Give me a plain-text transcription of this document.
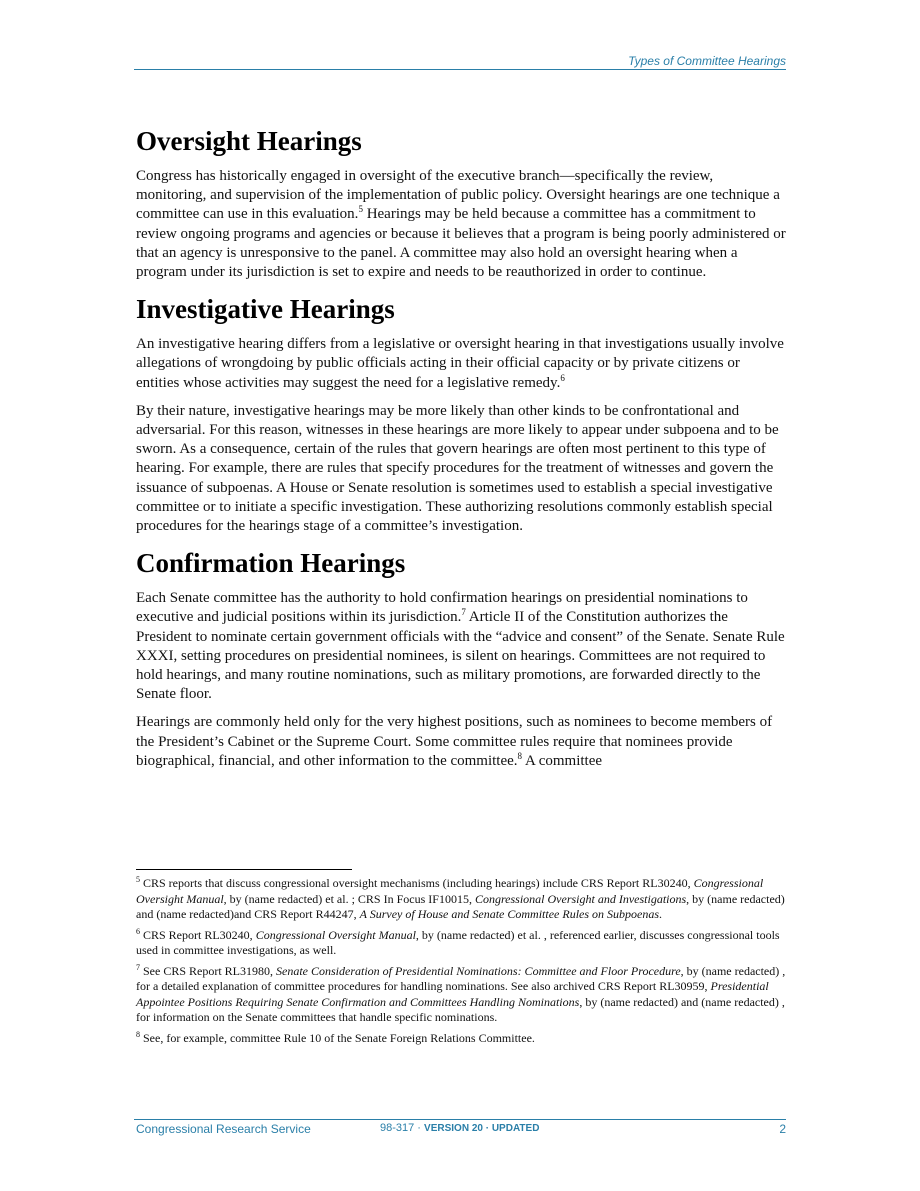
Types of Committee Hearings
Oversight Hearings

Congress has historically engaged in oversight of the executive branch—specifically the review, monitoring, and supervision of the implementation of public policy. Oversight hearings are one technique a committee can use in this evaluation.$^5$ Hearings may be held because a committee has a commitment to review ongoing programs and agencies or because it believes that a program is being poorly administered or that an agency is unresponsive to the panel. A committee may also hold an oversight hearing when a program under its jurisdiction is set to expire and needs to be reauthorized in order to continue.

Investigative Hearings

An investigative hearing differs from a legislative or oversight hearing in that investigations usually involve allegations of wrongdoing by public officials acting in their official capacity or by private citizens or entities whose activities may suggest the need for a legislative remedy.$^6$

By their nature, investigative hearings may be more likely than other kinds to be confrontational and adversarial. For this reason, witnesses in these hearings are more likely to appear under subpoena and to be sworn. As a consequence, certain of the rules that govern hearings are often most pertinent to this type of hearing. For example, there are rules that specify procedures for the treatment of witnesses and govern the issuance of subpoenas. A House or Senate resolution is sometimes used to establish a special investigative committee or to initiate a specific investigation. These authorizing resolutions commonly establish special procedures for the hearings stage of a committee’s investigation.

Confirmation Hearings

Each Senate committee has the authority to hold confirmation hearings on presidential nominations to executive and judicial positions within its jurisdiction.$^7$ Article II of the Constitution authorizes the President to nominate certain government officials with the “advice and consent” of the Senate. Senate Rule XXXI, setting procedures on presidential nominees, is silent on hearings. Committees are not required to hold hearings, and many routine nominations, such as military promotions, are forwarded directly to the Senate floor.

Hearings are commonly held only for the very highest positions, such as nominees to become members of the President’s Cabinet or the Supreme Court. Some committee rules require that nominees provide biographical, financial, and other information to the committee.$^8$ A committee

$^5$ CRS reports that discuss congressional oversight mechanisms (including hearings) include CRS Report RL30240, Congressional Oversight Manual, by (name redacted) et al. ; CRS In Focus IF10015, Congressional Oversight and Investigations, by (name redacted) and (name redacted)and CRS Report R44247, A Survey of House and Senate Committee Rules on Subpoenas.

$^6$ CRS Report RL30240, Congressional Oversight Manual, by (name redacted) et al. , referenced earlier, discusses congressional tools used in committee investigations, as well.

$^7$ See CRS Report RL31980, Senate Consideration of Presidential Nominations: Committee and Floor Procedure, by (name redacted) , for a detailed explanation of committee procedures for handling nominations. See also archived CRS Report RL30959, Presidential Appointee Positions Requiring Senate Confirmation and Committees Handling Nominations, by (name redacted) and (name redacted) , for information on the Senate committees that handle specific nominations.

$^8$ See, for example, committee Rule 10 of the Senate Foreign Relations Committee.

Congressional Research Service	98-317 · VERSION 20 · UPDATED	2
